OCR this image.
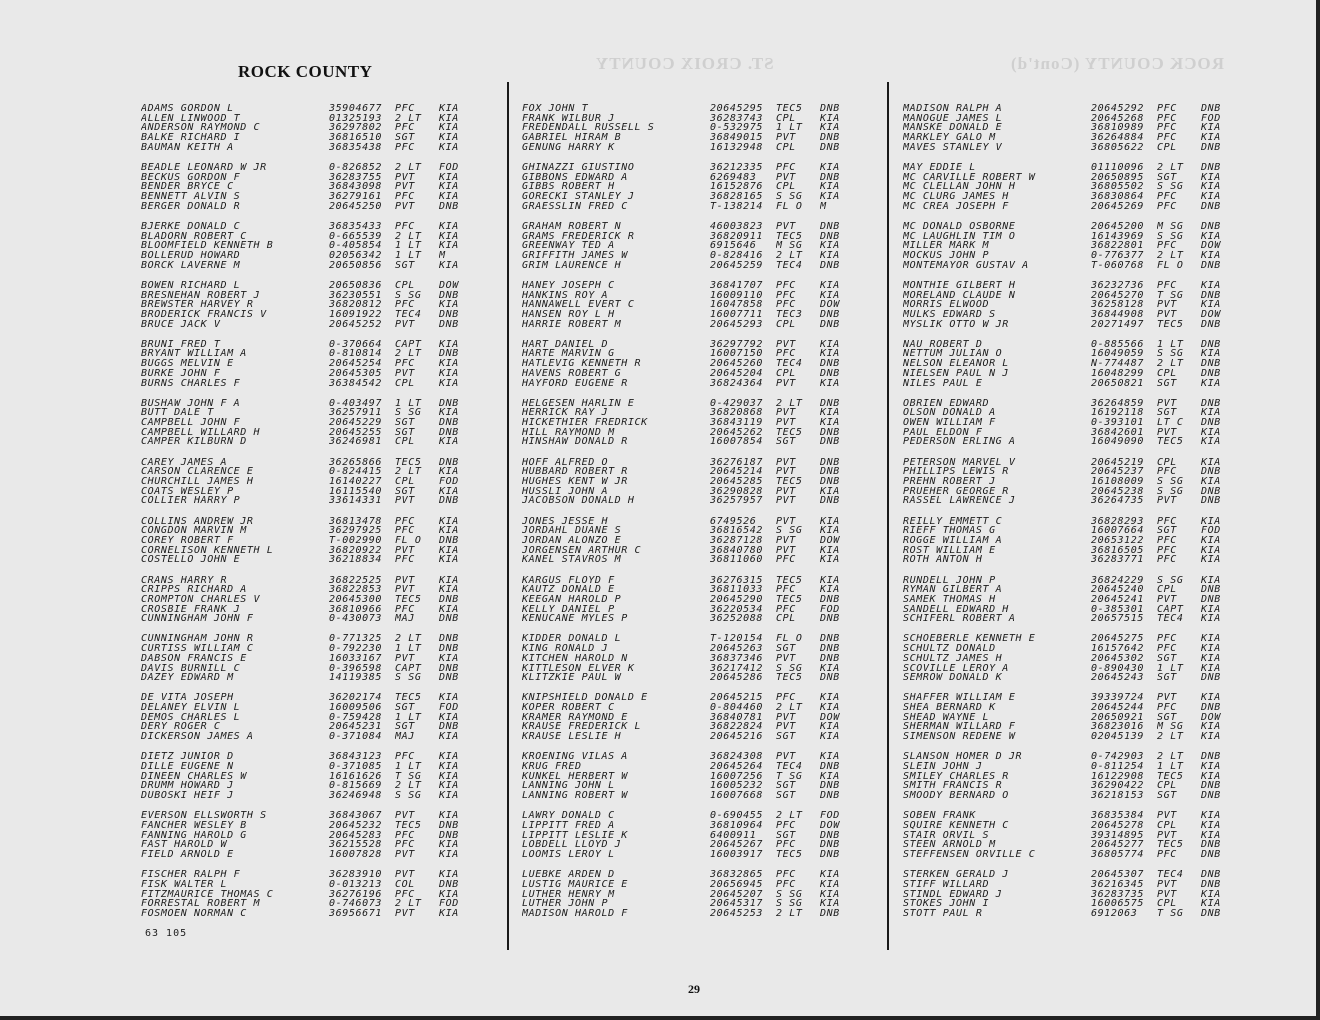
ST. CROIX COUNTY	ROCK COUNTY (Cont'd)
ROCK COUNTY
ADAMS GORDON L	35904677	PFC	KIA
ALLEN LINWOOD T	01325193	2 LT	KIA
ANDERSON RAYMOND C	36297802	PFC	KIA
BALKE RICHARD I	36816510	SGT	KIA
BAUMAN KEITH A	36835438	PFC	KIA
BEADLE LEONARD W JR	0-826852	2 LT	FOD
BECKUS GORDON F	36283755	PVT	KIA
BENDER BRYCE C	36843098	PVT	KIA
BENNETT ALVIN S	36279161	PFC	KIA
BERGER DONALD R	20645250	PVT	DNB
BJERKE DONALD C	36835433	PFC	KIA
BLADORN ROBERT C	0-665539	2 LT	KIA
BLOOMFIELD KENNETH B	0-405854	1 LT	KIA
BOLLERUD HOWARD	02056342	1 LT	M
BORCK LAVERNE M	20650856	SGT	KIA
BOWEN RICHARD L	20650836	CPL	DOW
BRESNEHAN ROBERT J	36230551	S SG	DNB
BREWSTER HARVEY R	36820812	PFC	KIA
BRODERICK FRANCIS V	16091922	TEC4	DNB
BRUCE JACK V	20645252	PVT	DNB
BRUNI FRED T	0-370664	CAPT	KIA
BRYANT WILLIAM A	0-810814	2 LT	DNB
BUGGS MELVIN E	20645254	PFC	KIA
BURKE JOHN F	20645305	PVT	KIA
BURNS CHARLES F	36384542	CPL	KIA
BUSHAW JOHN F A	0-403497	1 LT	DNB
BUTT DALE T	36257911	S SG	KIA
CAMPBELL JOHN F	20645229	SGT	DNB
CAMPBELL WILLARD H	20645255	SGT	DNB
CAMPER KILBURN D	36246981	CPL	KIA
CAREY JAMES A	36265866	TEC5	DNB
CARSON CLARENCE E	0-824415	2 LT	KIA
CHURCHILL JAMES H	16140227	CPL	FOD
COATS WESLEY P	16115540	SGT	KIA
COLLIER HARRY P	33614331	PVT	DNB
COLLINS ANDREW JR	36813478	PFC	KIA
CONGDON MARVIN M	36297925	PFC	KIA
COREY ROBERT F	T-002990	FL O	DNB
CORNELISON KENNETH L	36820922	PVT	KIA
COSTELLO JOHN E	36218834	PFC	KIA
CRANS HARRY R	36822525	PVT	KIA
CRIPPS RICHARD A	36822853	PVT	KIA
CROMPTON CHARLES V	20645300	TEC5	DNB
CROSBIE FRANK J	36810966	PFC	KIA
CUNNINGHAM JOHN F	0-430073	MAJ	DNB
CUNNINGHAM JOHN R	0-771325	2 LT	DNB
CURTISS WILLIAM C	0-792230	1 LT	DNB
DABSON FRANCIS E	16033167	PVT	KIA
DAVIS BURNILL C	0-396598	CAPT	DNB
DAZEY EDWARD M	14119385	S SG	DNB
DE VITA JOSEPH	36202174	TEC5	KIA
DELANEY ELVIN L	16009506	SGT	FOD
DEMOS CHARLES L	0-759428	1 LT	KIA
DERY ROGER C	20645231	SGT	DNB
DICKERSON JAMES A	0-371084	MAJ	KIA
DIETZ JUNIOR D	36843123	PFC	KIA
DILLE EUGENE N	0-371085	1 LT	KIA
DINEEN CHARLES W	16161626	T SG	KIA
DRUMM HOWARD J	0-815669	2 LT	KIA
DUBOSKI HEIF J	36246948	S SG	KIA
EVERSON ELLSWORTH S	36843067	PVT	KIA
FANCHER WESLEY B	20645232	TEC5	DNB
FANNING HAROLD G	20645283	PFC	DNB
FAST HAROLD W	36215528	PFC	KIA
FIELD ARNOLD E	16007828	PVT	KIA
FISCHER RALPH F	36283910	PVT	KIA
FISK WALTER L	0-013213	COL	DNB
FITZMAURICE THOMAS C	36276196	PFC	KIA
FORRESTAL ROBERT M	0-746073	2 LT	FOD
FOSMOEN NORMAN C	36956671	PVT	KIA
FOX JOHN T	20645295	TEC5	DNB
FRANK WILBUR J	36283743	CPL	KIA
FREDENDALL RUSSELL S	0-532975	1 LT	KIA
GABRIEL HIRAM B	36849015	PVT	DNB
GENUNG HARRY K	16132948	CPL	DNB
GHINAZZI GIUSTINO	36212335	PFC	KIA
GIBBONS EDWARD A	6269483	PVT	DNB
GIBBS ROBERT H	16152876	CPL	KIA
GORECKI STANLEY J	36828165	S SG	KIA
GRAESSLIN FRED C	T-138214	FL O	M
GRAHAM ROBERT N	46003823	PVT	DNB
GRAMS FREDERICK R	36820911	TEC5	DNB
GREENWAY TED A	6915646	M SG	KIA
GRIFFITH JAMES W	0-828416	2 LT	KIA
GRIM LAURENCE H	20645259	TEC4	DNB
HANEY JOSEPH C	36841707	PFC	KIA
HANKINS ROY A	16009110	PFC	KIA
HANNAWELL EVERT C	16047858	PFC	DOW
HANSEN ROY L H	16007711	TEC3	DNB
HARRIE ROBERT M	20645293	CPL	DNB
HART DANIEL D	36297792	PVT	KIA
HARTE MARVIN G	16007150	PFC	KIA
HATLEVIG KENNETH R	20645260	TEC4	DNB
HAVENS ROBERT G	20645204	CPL	DNB
HAYFORD EUGENE R	36824364	PVT	KIA
HELGESEN HARLIN E	0-429037	2 LT	DNB
HERRICK RAY J	36820868	PVT	KIA
HICKETHIER FREDRICK	36843119	PVT	KIA
HILL RAYMOND M	20645262	TEC5	DNB
HINSHAW DONALD R	16007854	SGT	DNB
HOFF ALFRED O	36276187	PVT	DNB
HUBBARD ROBERT R	20645214	PVT	DNB
HUGHES KENT W JR	20645285	TEC5	DNB
HUSSLI JOHN A	36290828	PVT	KIA
JACOBSON DONALD H	36257957	PVT	DNB
JONES JESSE H	6749526	PVT	KIA
JORDAHL DUANE S	36816542	S SG	KIA
JORDAN ALONZO E	36287128	PVT	DOW
JORGENSEN ARTHUR C	36840780	PVT	KIA
KANEL STAVROS M	36811060	PFC	KIA
KARGUS FLOYD F	36276315	TEC5	KIA
KAUTZ DONALD E	36811033	PFC	KIA
KEEGAN HAROLD P	20645290	TEC5	DNB
KELLY DANIEL P	36220534	PFC	FOD
KENUCANE MYLES P	36252088	CPL	DNB
KIDDER DONALD L	T-120154	FL O	DNB
KING RONALD J	20645263	SGT	DNB
KITCHEN HAROLD N	36837346	PVT	DNB
KITTLESON ELVER K	36217412	S SG	KIA
KLITZKIE PAUL W	20645286	TEC5	DNB
KNIPSHIELD DONALD E	20645215	PFC	KIA
KOPER ROBERT C	0-804460	2 LT	KIA
KRAMER RAYMOND E	36840781	PVT	DOW
KRAUSE FREDERICK L	36822824	PVT	KIA
KRAUSE LESLIE H	20645216	SGT	KIA
KROENING VILAS A	36824308	PVT	KIA
KRUG FRED	20645264	TEC4	DNB
KUNKEL HERBERT W	16007256	T SG	KIA
LANNING JOHN L	16005232	SGT	DNB
LANNING ROBERT W	16007668	SGT	DNB
LAWRY DONALD C	0-690455	2 LT	FOD
LIPPITT FRED A	36810964	PFC	DOW
LIPPITT LESLIE K	6400911	SGT	DNB
LOBDELL LLOYD J	20645267	PFC	DNB
LOOMIS LEROY L	16003917	TEC5	DNB
LUEBKE ARDEN D	36832865	PFC	KIA
LUSTIG MAURICE E	20656945	PFC	KIA
LUTHER HENRY M	20645207	S SG	KIA
LUTHER JOHN P	20645317	S SG	KIA
MADISON HAROLD F	20645253	2 LT	DNB
MADISON RALPH A	20645292	PFC	DNB
MANOGUE JAMES L	20645268	PFC	FOD
MANSKE DONALD E	36810989	PFC	KIA
MARKLEY GALO M	36264884	PFC	KIA
MAVES STANLEY V	36805622	CPL	DNB
MAY EDDIE L	01110096	2 LT	DNB
MC CARVILLE ROBERT W	20650895	SGT	KIA
MC CLELLAN JOHN H	36805502	S SG	KIA
MC CLURG JAMES H	36830864	PFC	KIA
MC CREA JOSEPH F	20645269	PFC	DNB
MC DONALD OSBORNE	20645200	M SG	DNB
MC LAUGHLIN TIM O	16143969	S SG	KIA
MILLER MARK M	36822801	PFC	DOW
MOCKUS JOHN P	0-776377	2 LT	KIA
MONTEMAYOR GUSTAV A	T-060768	FL O	DNB
MONTHIE GILBERT H	36232736	PFC	KIA
MORELAND CLAUDE N	20645270	T SG	DNB
MORRIS ELWOOD	36258128	PVT	KIA
MULKS EDWARD S	36844908	PVT	DOW
MYSLIK OTTO W JR	20271497	TEC5	DNB
NAU ROBERT D	0-885566	1 LT	DNB
NETTUM JULIAN O	16049059	S SG	KIA
NELSON ELEANOR L	N-774487	2 LT	DNB
NIELSEN PAUL N J	16048299	CPL	DNB
NILES PAUL E	20650821	SGT	KIA
OBRIEN EDWARD	36264859	PVT	DNB
OLSON DONALD A	16192118	SGT	KIA
OWEN WILLIAM F	0-393101	LT C	DNB
PAUL ELDON F	36842601	PVT	KIA
PEDERSON ERLING A	16049090	TEC5	KIA
PETERSON MARVEL V	20645219	CPL	KIA
PHILLIPS LEWIS R	20645237	PFC	DNB
PREHN ROBERT J	16108009	S SG	KIA
PRUEHER GEORGE R	20645238	S SG	DNB
RASSEL LAWRENCE J	36264735	PVT	DNB
REILLY EMMETT C	36828293	PFC	KIA
RIEFF THOMAS G	16007664	SGT	FOD
ROGGE WILLIAM A	20653122	PFC	KIA
ROST WILLIAM E	36816505	PFC	KIA
ROTH ANTON H	36283771	PFC	KIA
RUNDELL JOHN P	36824229	S SG	KIA
RYMAN GILBERT A	20645240	CPL	DNB
SAMEK THOMAS H	20645241	PVT	DNB
SANDELL EDWARD H	0-385301	CAPT	KIA
SCHIFERL ROBERT A	20657515	TEC4	KIA
SCHOEBERLE KENNETH E	20645275	PFC	KIA
SCHULTZ DONALD	16157642	PFC	KIA
SCHULTZ JAMES H	20645302	SGT	KIA
SCOVILLE LEROY A	0-890430	1 LT	KIA
SEMROW DONALD K	20645243	SGT	DNB
SHAFFER WILLIAM E	39339724	PVT	KIA
SHEA BERNARD K	20645244	PFC	DNB
SHEAD WAYNE L	20650921	SGT	DOW
SHERMAN WILLARD F	36823016	M SG	KIA
SIMENSON REDENE W	02045139	2 LT	KIA
SLANSON HOMER D JR	0-742903	2 LT	DNB
SLEIN JOHN J	0-811254	1 LT	KIA
SMILEY CHARLES R	16122908	TEC5	KIA
SMITH FRANCIS R	36290422	CPL	DNB
SMOODY BERNARD O	36218153	SGT	DNB
SOBEN FRANK	36835384	PVT	KIA
SQUIRE KENNETH C	20645278	CPL	KIA
STAIR ORVIL S	39314895	PVT	KIA
STEEN ARNOLD M	20645277	TEC5	DNB
STEFFENSEN ORVILLE C	36805774	PFC	DNB
STERKEN GERALD J	20645307	TEC4	DNB
STIFF WILLARD	36216345	PVT	DNB
STINDL EDWARD J	36283735	PVT	KIA
STOKES JOHN I	16006575	CPL	KIA
STOTT PAUL R	6912063	T SG	DNB
63 105
29
